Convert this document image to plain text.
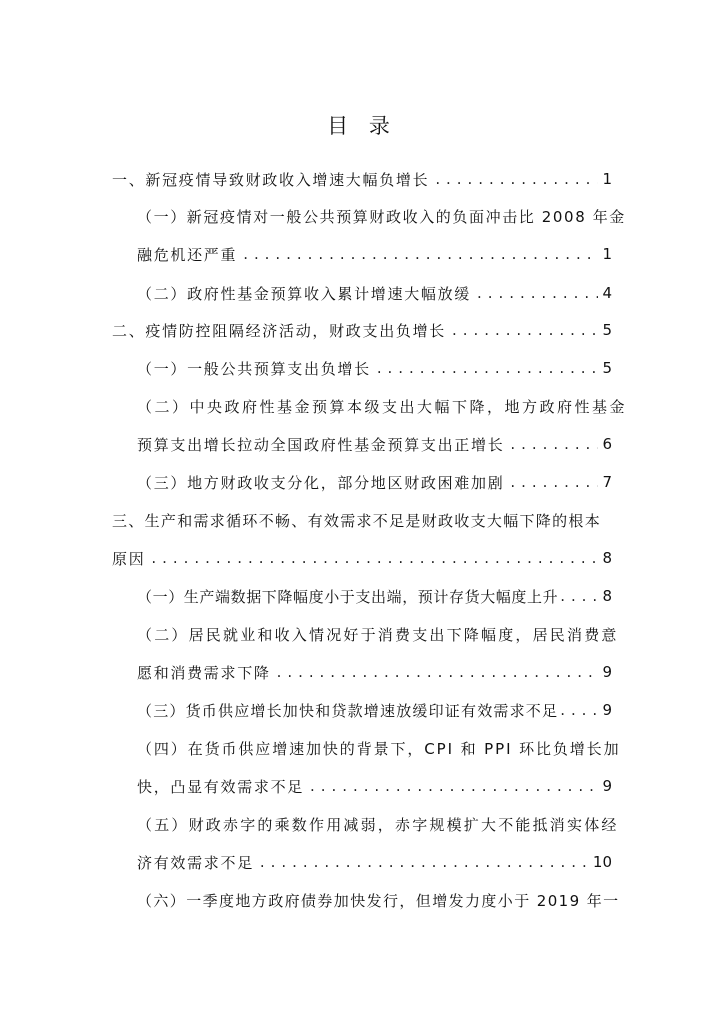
目 录
一、新冠疫情导致财政收入增速大幅负增长 . . .	1
（一）新冠疫情对一般公共预算财政收入的负面冲击比 2008 年金
融危机还严重 . . .	1
（二）政府性基金预算收入累计增速大幅放缓 . . .	4
二、疫情防控阻隔经济活动，财政支出负增长 . . .	5
（一）一般公共预算支出负增长 . . .	5
（二）中央政府性基金预算本级支出大幅下降，地方政府性基金
预算支出增长拉动全国政府性基金预算支出正增长 . . .	6
（三）地方财政收支分化，部分地区财政困难加剧 . . .	7
三、生产和需求循环不畅、有效需求不足是财政收支大幅下降的根本
原因 . . .	8
（一）生产端数据下降幅度小于支出端，预计存货大幅度上升 . . .	8
（二）居民就业和收入情况好于消费支出下降幅度，居民消费意
愿和消费需求下降 . . .	9
（三）货币供应增长加快和贷款增速放缓印证有效需求不足 . . .	9
（四）在货币供应增速加快的背景下，CPI 和 PPI 环比负增长加
快，凸显有效需求不足 . . .	9
（五）财政赤字的乘数作用减弱，赤字规模扩大不能抵消实体经
济有效需求不足 . . .	10
（六）一季度地方政府债券加快发行，但增发力度小于 2019 年一
